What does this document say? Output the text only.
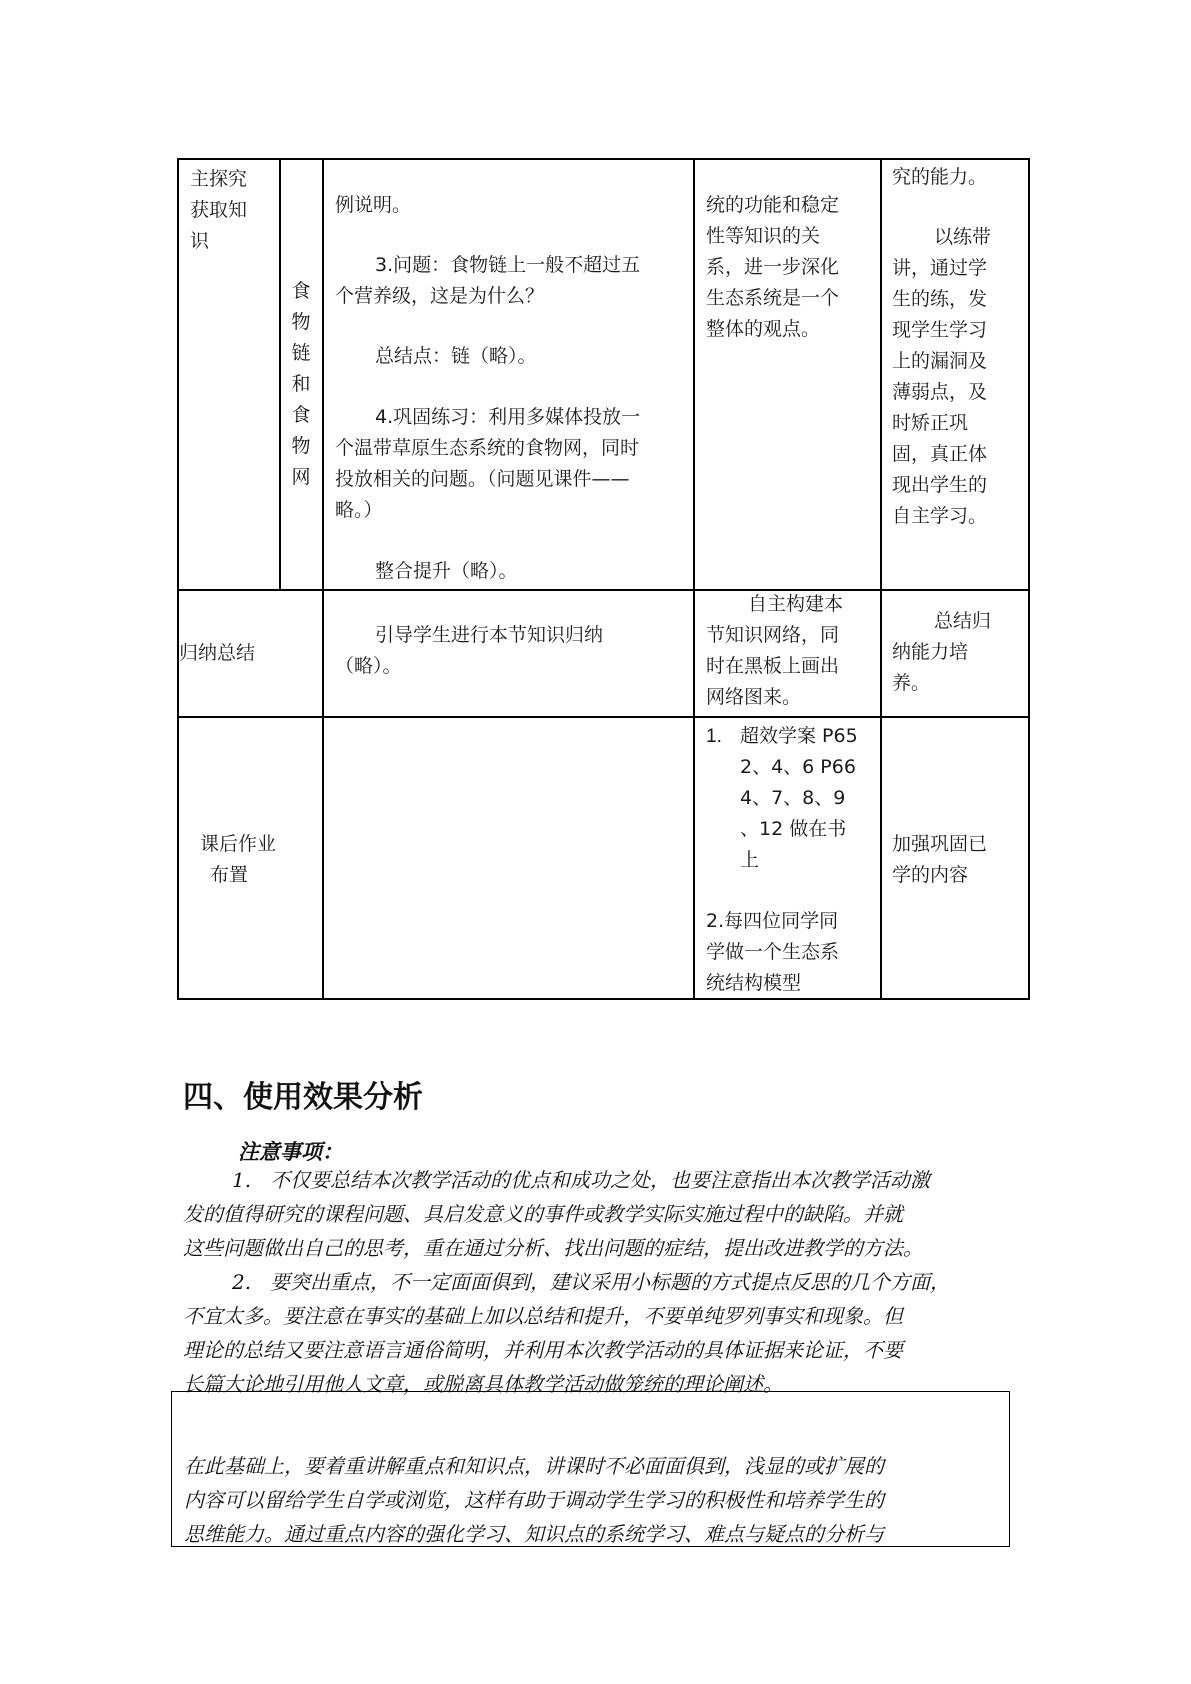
主探究

获取知

识

食

物

链

和

食

物

网

例说明。
3.问题：食物链上一般不超过五
个营养级，这是为什么？
总结点：链（略）。
4.巩固练习：利用多媒体投放一
个温带草原生态系统的食物网，同时
投放相关的问题。（问题见课件——
略。）
整合提升（略）。

统的功能和稳定

性等知识的关

系，进一步深化

生态系统是一个

整体的观点。

究的能力。

以练带

讲，通过学

生的练，发

现学生学习

上的漏洞及

薄弱点，及

时矫正巩

固，真正体

现出学生的

自主学习。

归纳总结
引导学生进行本节知识归纳
（略）。

自主构建本

节知识网络，同

时在黑板上画出

网络图来。

总结归

纳能力培

养。

课后作业
布置
1. 超效学案 P65

2、4、6 P66

4、7、8、9

、12 做在书

上

2.每四位同学同

学做一个生态系

统结构模型

加强巩固已

学的内容

四、使用效果分析
注意事项：
1. 不仅要总结本次教学活动的优点和成功之处，也要注意指出本次教学活动激
发的值得研究的课程问题、具启发意义的事件或教学实际实施过程中的缺陷。并就
这些问题做出自己的思考，重在通过分析、找出问题的症结，提出改进教学的方法。
2. 要突出重点，不一定面面俱到，建议采用小标题的方式提点反思的几个方面，
不宜太多。要注意在事实的基础上加以总结和提升，不要单纯罗列事实和现象。但
理论的总结又要注意语言通俗简明，并利用本次教学活动的具体证据来论证，不要
长篇大论地引用他人文章，或脱离具体教学活动做笼统的理论阐述。
在此基础上，要着重讲解重点和知识点，讲课时不必面面俱到，浅显的或扩展的
内容可以留给学生自学或浏览，这样有助于调动学生学习的积极性和培养学生的
思维能力。通过重点内容的强化学习、知识点的系统学习、难点与疑点的分析与
